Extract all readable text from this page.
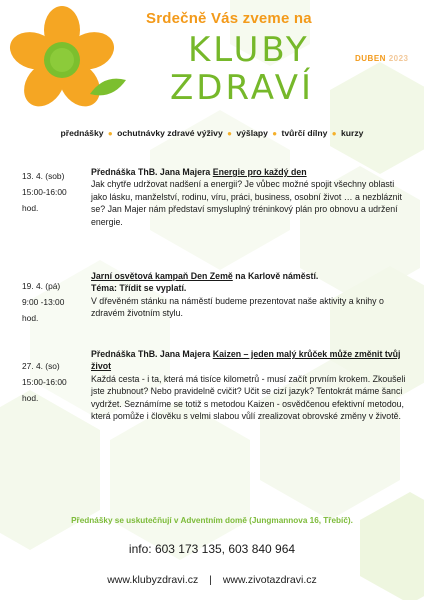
Srdečně Vás zveme na
KLUBY
ZDRAVÍ
DUBEN 2023
přednášky ● ochutnávky zdravé výživy ● výšlapy ● tvůrčí dílny ● kurzy
13. 4. (sob)
15:00-16:00
hod.
Přednáška ThB. Jana Majera Energie pro každý den

Jak chytře udržovat nadšení a energii? Je vůbec možné spojit všechny oblasti jako lásku, manželství, rodinu, víru, práci, business, osobní život … a nezbláznit se? Jan Majer nám představí smysluplný tréninkový plán pro obnovu a udržení energie.

19. 4. (pá)
9:00 -13:00
hod.
Jarní osvětová kampaň Den Země na Karlově náměstí.
Téma: Třídit se vyplatí.

V dřevěném stánku na náměstí budeme prezentovat naše aktivity a knihy o zdravém životním stylu.

27. 4. (so)
15:00-16:00
hod.
Přednáška ThB. Jana Majera Kaizen – jeden malý krůček může změnit tvůj život

Každá cesta - i ta, která má tisíce kilometrů - musí začít prvním krokem. Zkoušeli jste zhubnout? Nebo pravidelně cvičit? Učit se cizí jazyk? Tentokrát máme šanci vydržet. Seznámíme se totiž s metodou Kaizen - osvědčenou efektivní metodou, která pomůže i člověku s velmi slabou vůlí zrealizovat obrovské změny v životě.

Přednášky se uskutečňují v Adventním domě (Jungmannova 16, Třebíč).
info: 603 173 135, 603 840 964
www.klubyzdravi.cz | www.zivotazdravi.cz
